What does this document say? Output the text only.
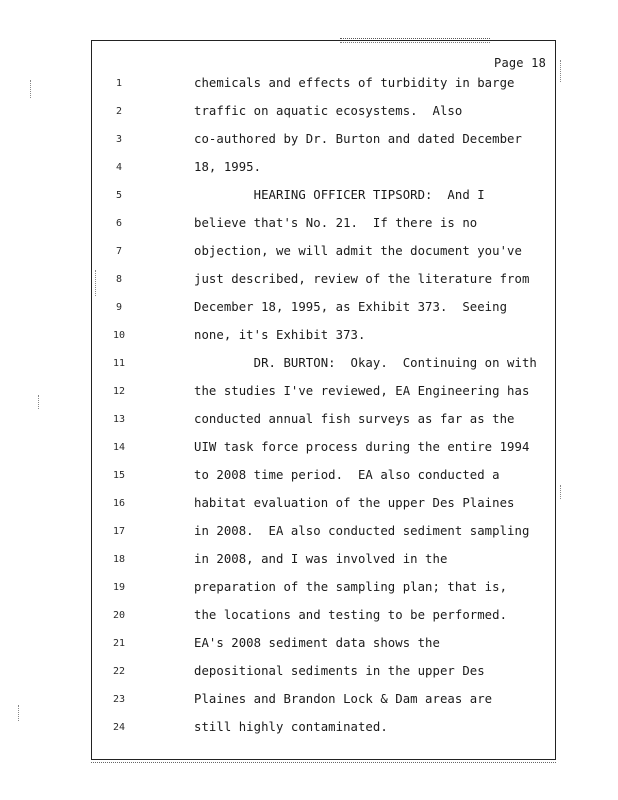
Page 18
1	chemicals and effects of turbidity in barge
2	traffic on aquatic ecosystems.  Also
3	co-authored by Dr. Burton and dated December
4	18, 1995.
5	HEARING OFFICER TIPSORD:  And I
6	believe that's No. 21.  If there is no
7	objection, we will admit the document you've
8	just described, review of the literature from
9	December 18, 1995, as Exhibit 373.  Seeing
10	none, it's Exhibit 373.
11	DR. BURTON:  Okay.  Continuing on with
12	the studies I've reviewed, EA Engineering has
13	conducted annual fish surveys as far as the
14	UIW task force process during the entire 1994
15	to 2008 time period.  EA also conducted a
16	habitat evaluation of the upper Des Plaines
17	in 2008.  EA also conducted sediment sampling
18	in 2008, and I was involved in the
19	preparation of the sampling plan; that is,
20	the locations and testing to be performed.
21	EA's 2008 sediment data shows the
22	depositional sediments in the upper Des
23	Plaines and Brandon Lock & Dam areas are
24	still highly contaminated.
